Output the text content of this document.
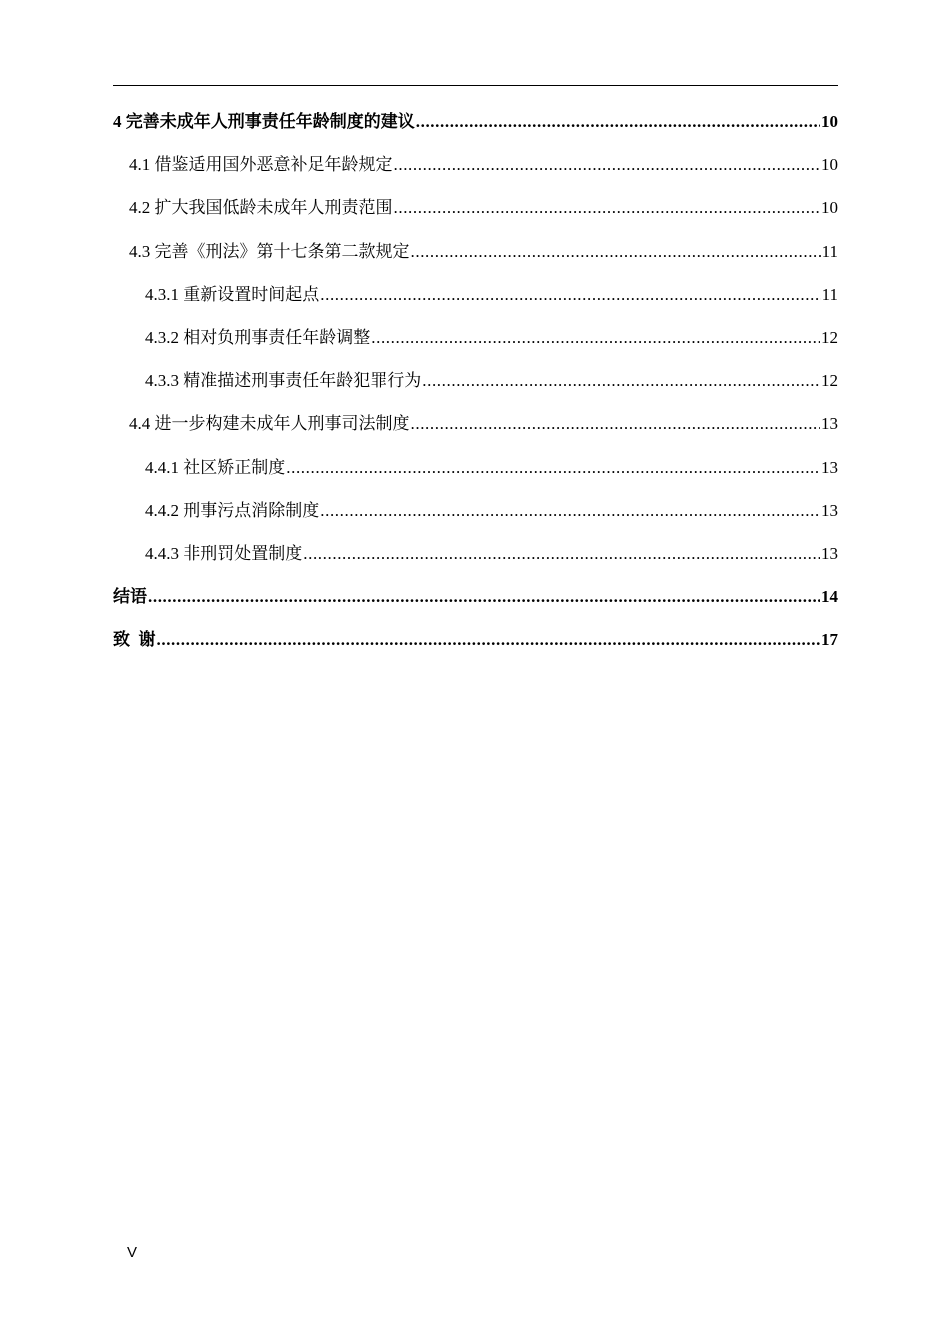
4 完善未成年人刑事责任年龄制度的建议 .....	10
4.1 借鉴适用国外恶意补足年龄规定 .....	10
4.2 扩大我国低龄未成年人刑责范围 .....	10
4.3 完善《刑法》第十七条第二款规定 .....	11
4.3.1 重新设置时间起点 .....	11
4.3.2 相对负刑事责任年龄调整 .....	12
4.3.3 精准描述刑事责任年龄犯罪行为 .....	12
4.4 进一步构建未成年人刑事司法制度 .....	13
4.4.1 社区矫正制度 .....	13
4.4.2 刑事污点消除制度 .....	13
4.4.3 非刑罚处置制度 .....	13
结语 .....	14
致  谢 .....	17
V
